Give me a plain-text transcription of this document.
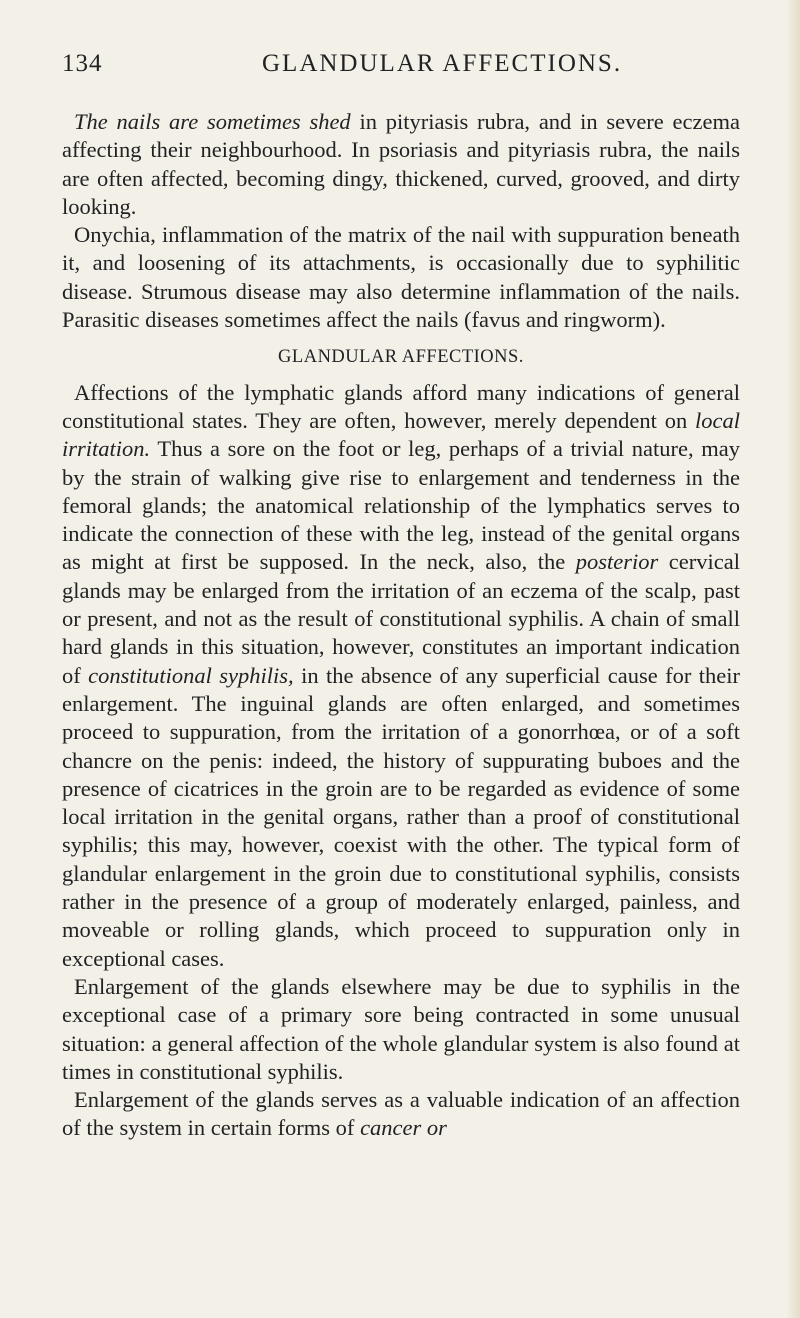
134	GLANDULAR AFFECTIONS.

The nails are sometimes shed in pityriasis rubra, and in severe eczema affecting their neighbourhood. In psoriasis and pityriasis rubra, the nails are often affected, becoming dingy, thickened, curved, grooved, and dirty looking.

Onychia, inflammation of the matrix of the nail with suppuration beneath it, and loosening of its attachments, is occasionally due to syphilitic disease. Strumous disease may also determine inflammation of the nails. Parasitic diseases sometimes affect the nails (favus and ringworm).

GLANDULAR AFFECTIONS.

Affections of the lymphatic glands afford many indications of general constitutional states. They are often, however, merely dependent on local irritation. Thus a sore on the foot or leg, perhaps of a trivial nature, may by the strain of walking give rise to enlargement and tenderness in the femoral glands; the anatomical relationship of the lymphatics serves to indicate the connection of these with the leg, instead of the genital organs as might at first be supposed. In the neck, also, the posterior cervical glands may be enlarged from the irritation of an eczema of the scalp, past or present, and not as the result of constitutional syphilis. A chain of small hard glands in this situation, however, constitutes an important indication of constitutional syphilis, in the absence of any superficial cause for their enlargement. The inguinal glands are often enlarged, and sometimes proceed to suppuration, from the irritation of a gonorrhœa, or of a soft chancre on the penis: indeed, the history of suppurating buboes and the presence of cicatrices in the groin are to be regarded as evidence of some local irritation in the genital organs, rather than a proof of constitutional syphilis; this may, however, coexist with the other. The typical form of glandular enlargement in the groin due to constitutional syphilis, consists rather in the presence of a group of moderately enlarged, painless, and moveable or rolling glands, which proceed to suppuration only in exceptional cases.

Enlargement of the glands elsewhere may be due to syphilis in the exceptional case of a primary sore being contracted in some unusual situation: a general affection of the whole glandular system is also found at times in constitutional syphilis.

Enlargement of the glands serves as a valuable indication of an affection of the system in certain forms of cancer or
